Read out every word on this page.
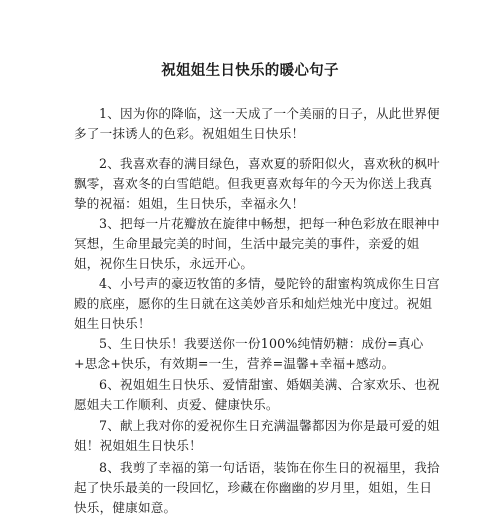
祝姐姐生日快乐的暖心句子

1、因为你的降临，这一天成了一个美丽的日子，从此世界便多了一抹诱人的色彩。祝姐姐生日快乐！

2、我喜欢春的满目绿色，喜欢夏的骄阳似火，喜欢秋的枫叶飘零，喜欢冬的白雪皑皑。但我更喜欢每年的今天为你送上我真挚的祝福：姐姐，生日快乐，幸福永久！

3、把每一片花瓣放在旋律中畅想，把每一种色彩放在眼神中冥想，生命里最完美的时间，生活中最完美的事件，亲爱的姐姐，祝你生日快乐，永远开心。

4、小号声的豪迈牧笛的多情，曼陀铃的甜蜜构筑成你生日宫殿的底座，愿你的生日就在这美妙音乐和灿烂烛光中度过。祝姐姐生日快乐！

5、生日快乐！我要送你一份100%纯情奶糖：成份=真心+思念+快乐，有效期=一生，营养=温馨+幸福+感动。

6、祝姐姐生日快乐、爱情甜蜜、婚姻美满、合家欢乐、也祝愿姐夫工作顺利、贞爱、健康快乐。

7、献上我对你的爱祝你生日充满温馨都因为你是最可爱的姐姐！祝姐姐生日快乐！

8、我剪了幸福的第一句话语，装饰在你生日的祝福里，我拾起了快乐最美的一段回忆，珍藏在你幽幽的岁月里，姐姐，生日快乐，健康如意。
